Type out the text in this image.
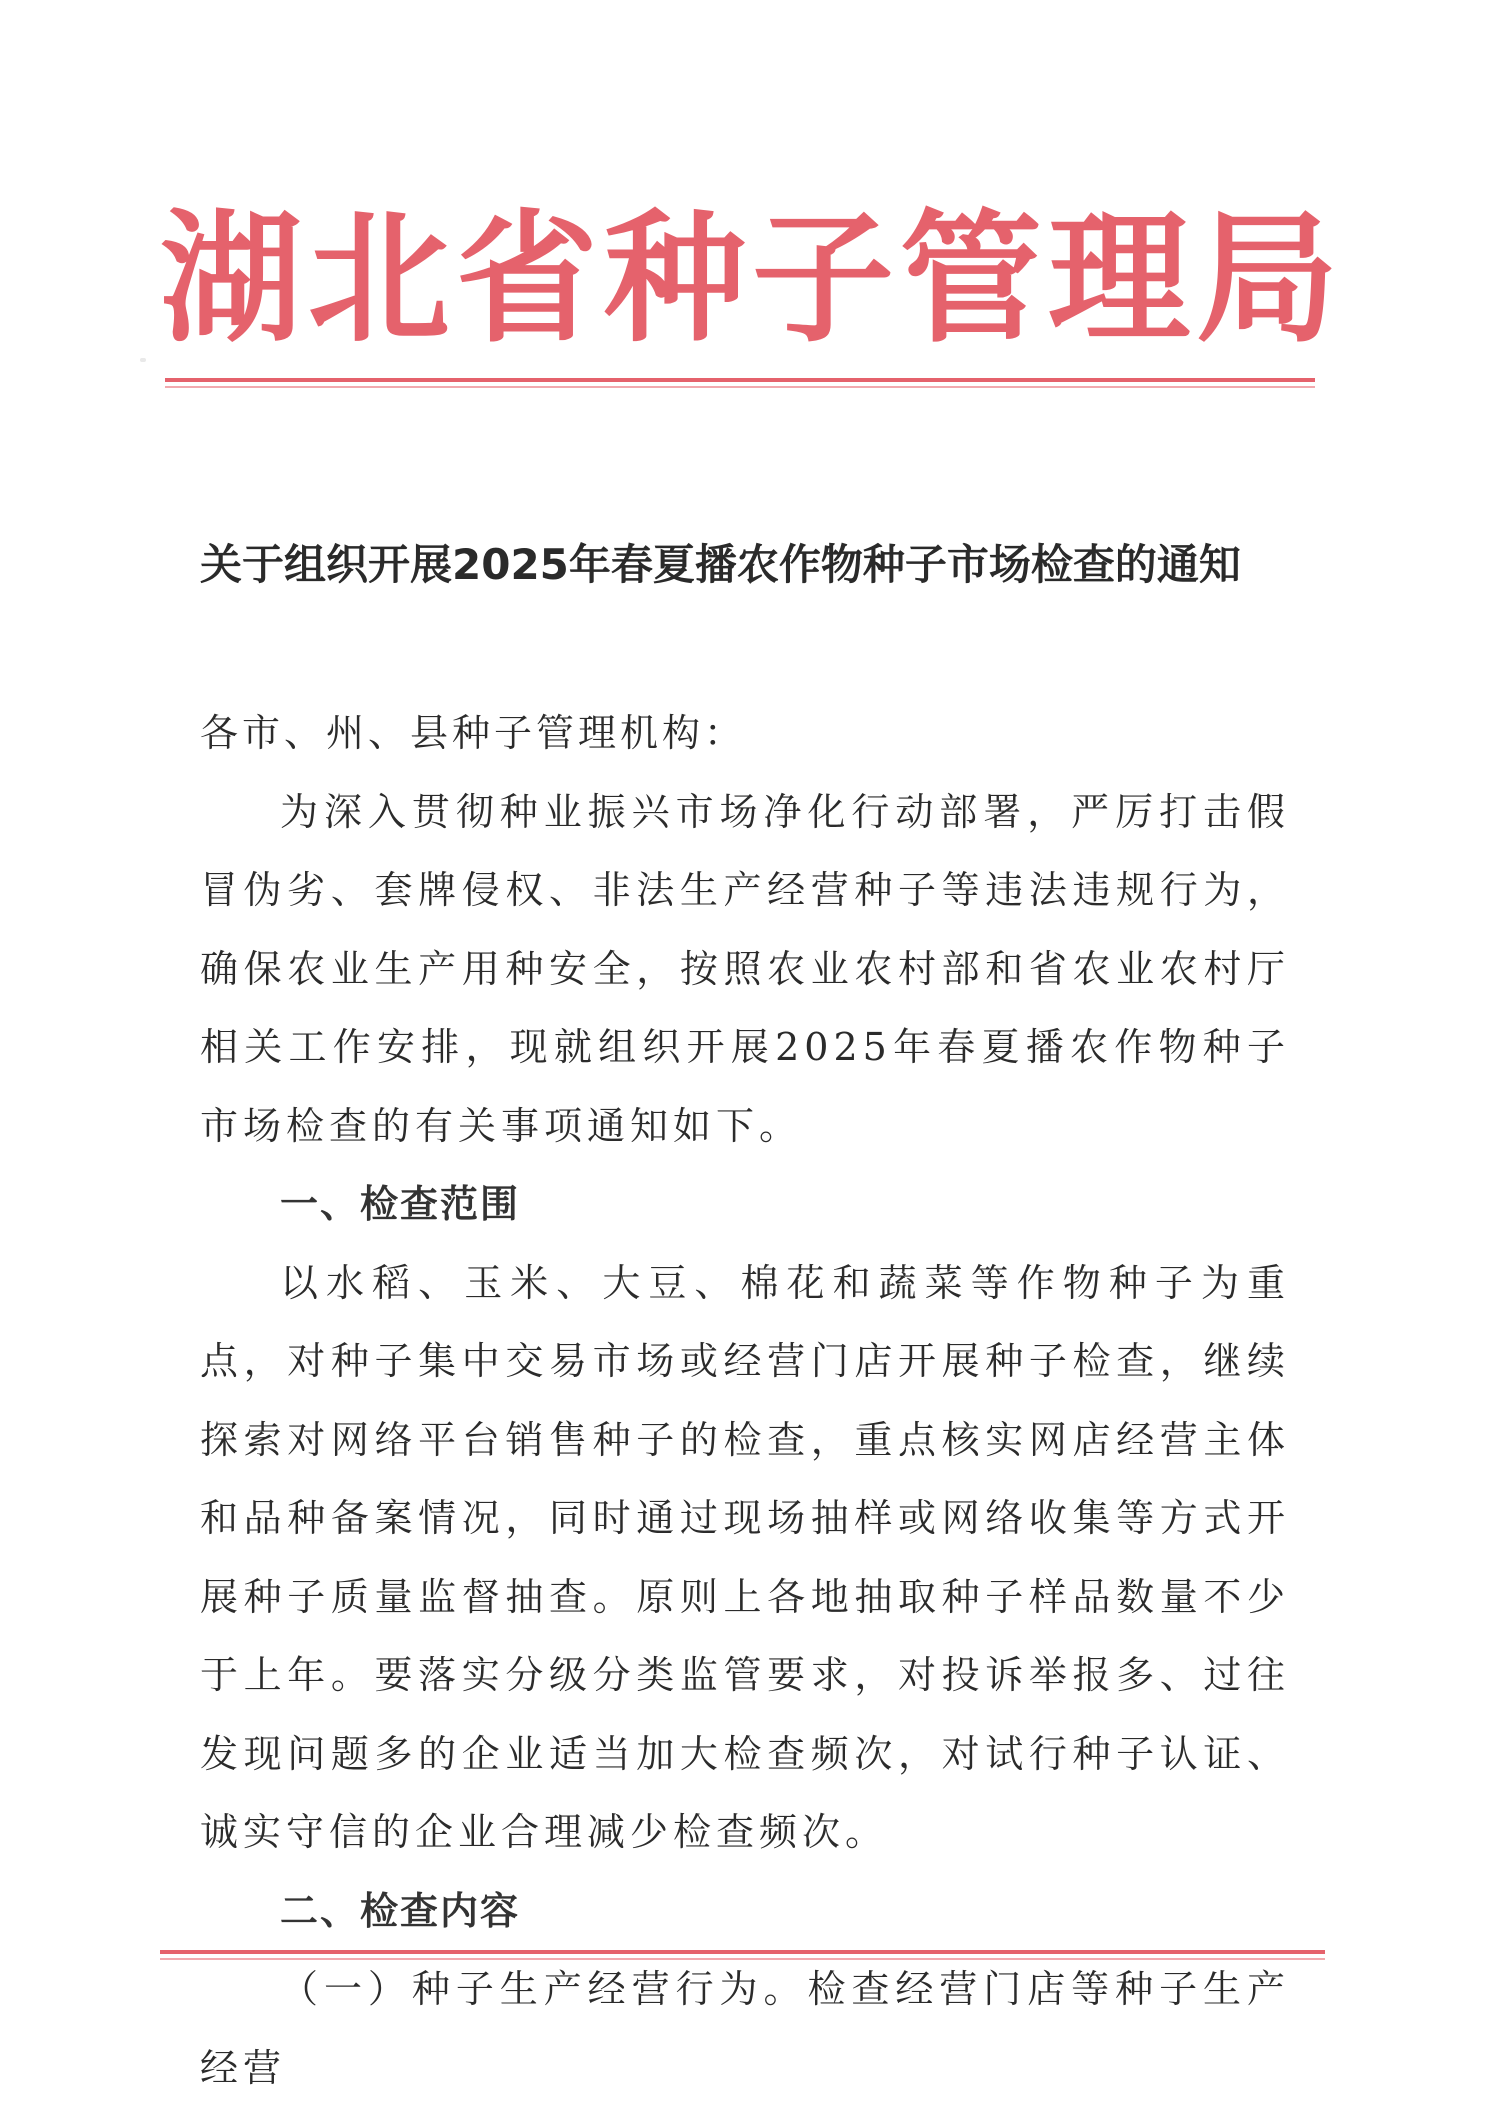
湖北省种子管理局
关于组织开展2025年春夏播农作物种子市场检查的通知

各市、州、县种子管理机构：

为深入贯彻种业振兴市场净化行动部署，严厉打击假冒伪劣、套牌侵权、非法生产经营种子等违法违规行为，确保农业生产用种安全，按照农业农村部和省农业农村厅相关工作安排，现就组织开展2025年春夏播农作物种子市场检查的有关事项通知如下。

一、检查范围

以水稻、玉米、大豆、棉花和蔬菜等作物种子为重点，对种子集中交易市场或经营门店开展种子检查，继续探索对网络平台销售种子的检查，重点核实网店经营主体和品种备案情况，同时通过现场抽样或网络收集等方式开展种子质量监督抽查。原则上各地抽取种子样品数量不少于上年。要落实分级分类监管要求，对投诉举报多、过往发现问题多的企业适当加大检查频次，对试行种子认证、诚实守信的企业合理减少检查频次。

二、检查内容

（一）种子生产经营行为。检查经营门店等种子生产经营
